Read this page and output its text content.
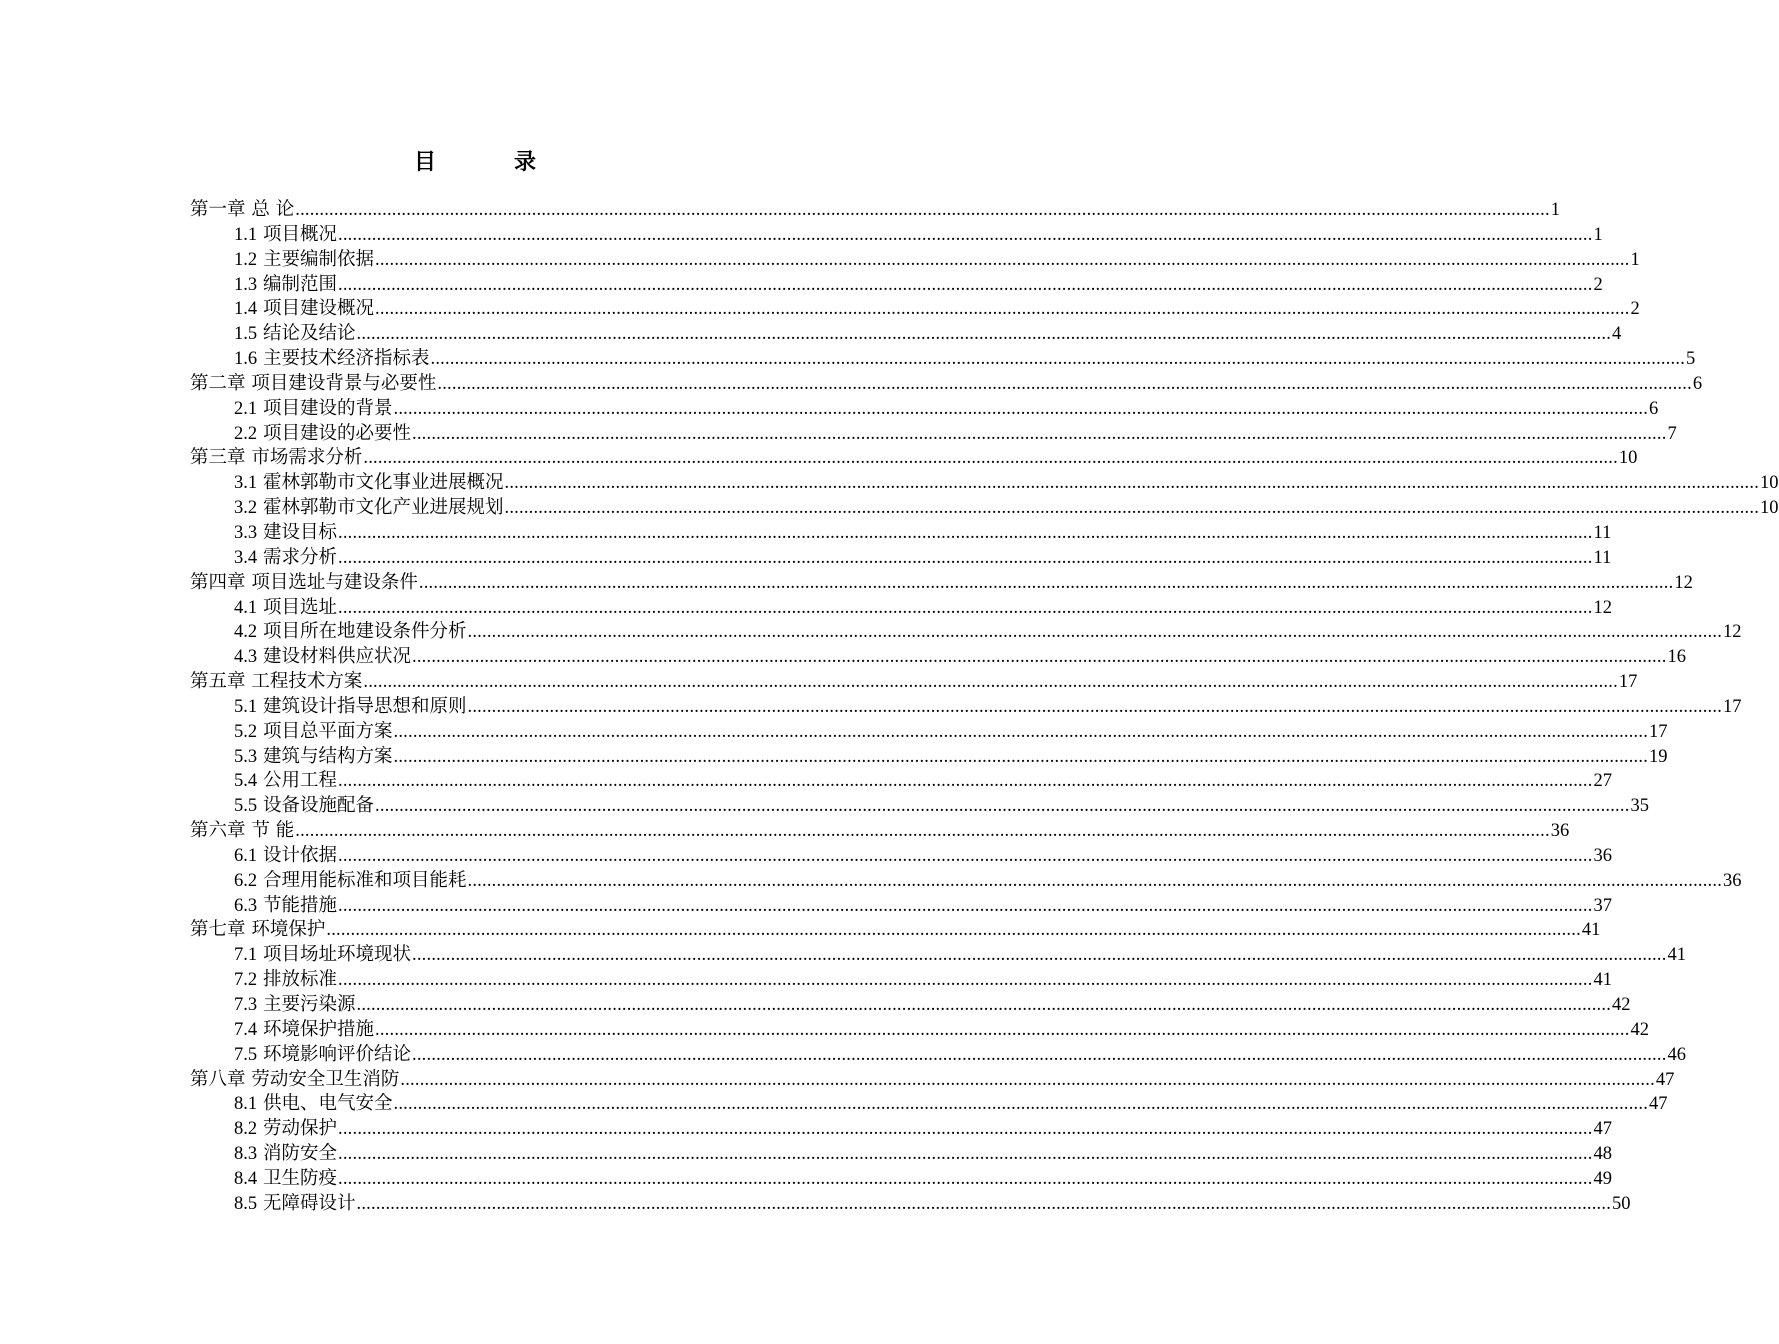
目　录
第一章 总 论 .................................................................................................................................................................................................................................................................... 1
1.1 项目概况 .................................................................................................................................................................................................................................................................... 1
1.2 主要编制依据 .................................................................................................................................................................................................................................................................... 1
1.3 编制范围 .................................................................................................................................................................................................................................................................... 2
1.4 项目建设概况 .................................................................................................................................................................................................................................................................... 2
1.5 结论及结论 .................................................................................................................................................................................................................................................................... 4
1.6 主要技术经济指标表 .................................................................................................................................................................................................................................................................... 5
第二章 项目建设背景与必要性 .................................................................................................................................................................................................................................................................... 6
2.1 项目建设的背景 .................................................................................................................................................................................................................................................................... 6
2.2 项目建设的必要性 .................................................................................................................................................................................................................................................................... 7
第三章 市场需求分析 .................................................................................................................................................................................................................................................................... 10
3.1 霍林郭勒市文化事业进展概况 .................................................................................................................................................................................................................................................................... 10
3.2 霍林郭勒市文化产业进展规划 .................................................................................................................................................................................................................................................................... 10
3.3 建设目标 .................................................................................................................................................................................................................................................................... 11
3.4 需求分析 .................................................................................................................................................................................................................................................................... 11
第四章 项目选址与建设条件 .................................................................................................................................................................................................................................................................... 12
4.1 项目选址 .................................................................................................................................................................................................................................................................... 12
4.2 项目所在地建设条件分析 .................................................................................................................................................................................................................................................................... 12
4.3 建设材料供应状况 .................................................................................................................................................................................................................................................................... 16
第五章 工程技术方案 .................................................................................................................................................................................................................................................................... 17
5.1 建筑设计指导思想和原则 .................................................................................................................................................................................................................................................................... 17
5.2 项目总平面方案 .................................................................................................................................................................................................................................................................... 17
5.3 建筑与结构方案 .................................................................................................................................................................................................................................................................... 19
5.4 公用工程 .................................................................................................................................................................................................................................................................... 27
5.5 设备设施配备 .................................................................................................................................................................................................................................................................... 35
第六章 节 能 .................................................................................................................................................................................................................................................................... 36
6.1 设计依据 .................................................................................................................................................................................................................................................................... 36
6.2 合理用能标准和项目能耗 .................................................................................................................................................................................................................................................................... 36
6.3 节能措施 .................................................................................................................................................................................................................................................................... 37
第七章 环境保护 .................................................................................................................................................................................................................................................................... 41
7.1 项目场址环境现状 .................................................................................................................................................................................................................................................................... 41
7.2 排放标准 .................................................................................................................................................................................................................................................................... 41
7.3 主要污染源 .................................................................................................................................................................................................................................................................... 42
7.4 环境保护措施 .................................................................................................................................................................................................................................................................... 42
7.5 环境影响评价结论 .................................................................................................................................................................................................................................................................... 46
第八章 劳动安全卫生消防 .................................................................................................................................................................................................................................................................... 47
8.1 供电、电气安全 .................................................................................................................................................................................................................................................................... 47
8.2 劳动保护 .................................................................................................................................................................................................................................................................... 47
8.3 消防安全 .................................................................................................................................................................................................................................................................... 48
8.4 卫生防疫 .................................................................................................................................................................................................................................................................... 49
8.5 无障碍设计 .................................................................................................................................................................................................................................................................... 50
